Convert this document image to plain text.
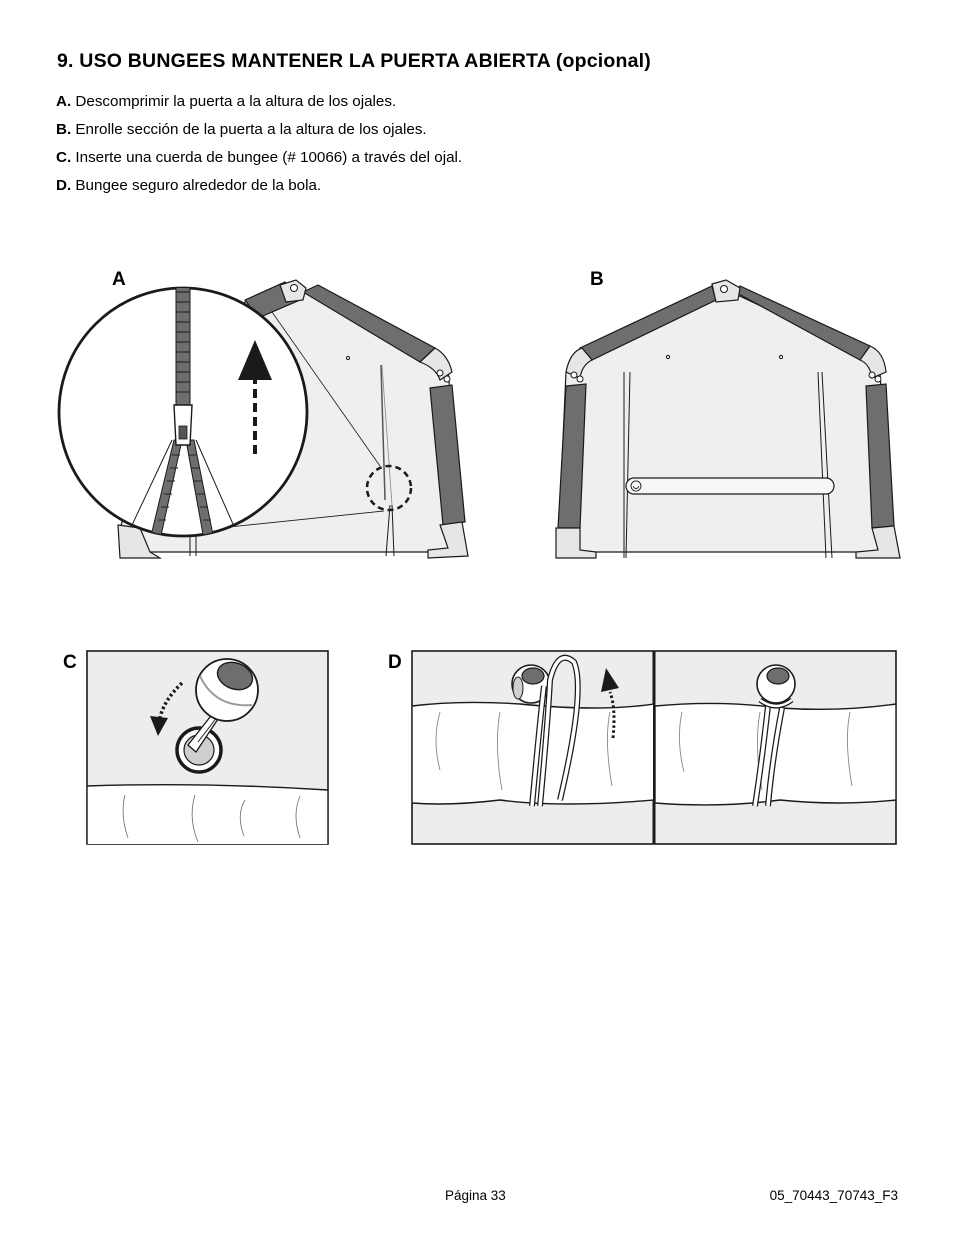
9. USO BUNGEES MANTENER LA PUERTA ABIERTA (opcional)
A. Descomprimir la puerta a la altura de los ojales.
B. Enrolle sección de la puerta a la altura de los ojales.
C. Inserte una cuerda de bungee (# 10066) a través del ojal.
D. Bungee seguro alrededor de la bola.
A	B
C	D
Página 33	05_70443_70743_F3
